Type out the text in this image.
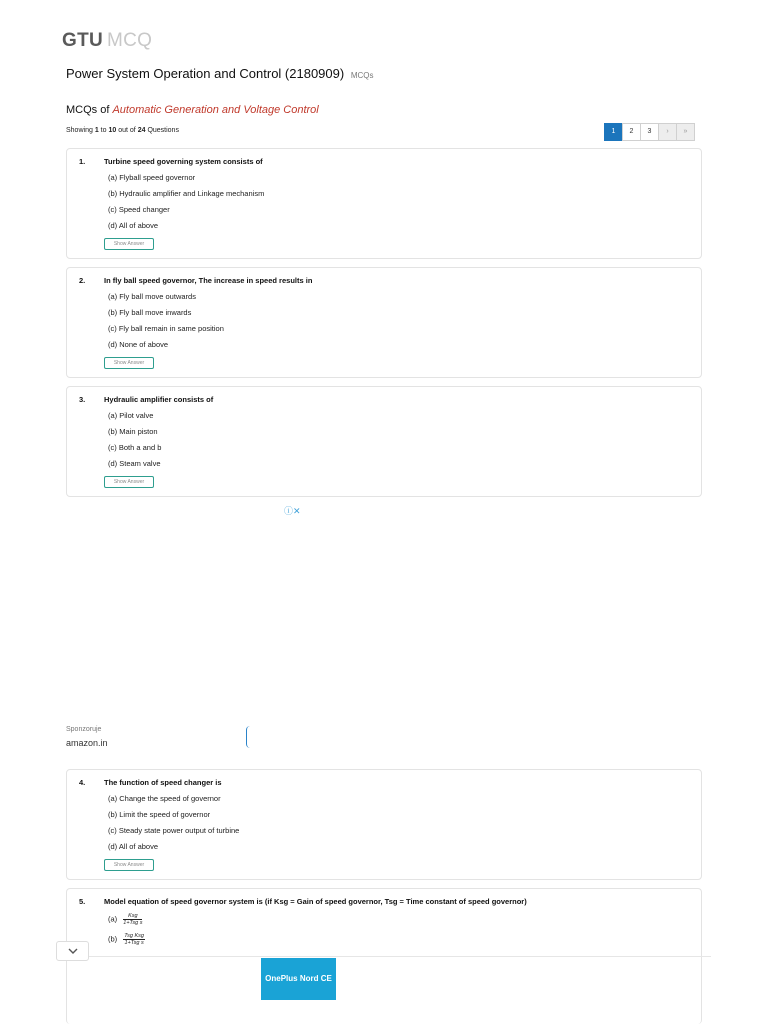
GTU MCQ
Power System Operation and Control (2180909) MCQs
MCQs of Automatic Generation and Voltage Control
Showing 1 to 10 out of 24 Questions	1	2	3	›	»
1. Turbine speed governing system consists of
(a) Flyball speed governor
(b) Hydraulic amplifier and Linkage mechanism
(c) Speed changer
(d) All of above
Show Answer
2. In fly ball speed governor, The increase in speed results in
(a) Fly ball move outwards
(b) Fly ball move inwards
(c) Fly ball remain in same position
(d) None of above
Show Answer
3. Hydraulic amplifier consists of
(a) Pilot valve
(b) Main piston
(c) Both a and b
(d) Steam valve
Show Answer
ⓘ✕
Sponzoruje
amazon.in
4. The function of speed changer is
(a) Change the speed of governor
(b) Limit the speed of governor
(c) Steady state power output of turbine
(d) All of above
Show Answer
5. Model equation of speed governor system is (if Ksg = Gain of speed governor, Tsg = Time constant of speed governor)
$(a) \frac{\text{Ksg}}{\text{1+Tsg s}}$
$(b) \frac{\text{Tsg Ksg}}{\text{1+Tsg s}}$
OnePlus Nord CE
